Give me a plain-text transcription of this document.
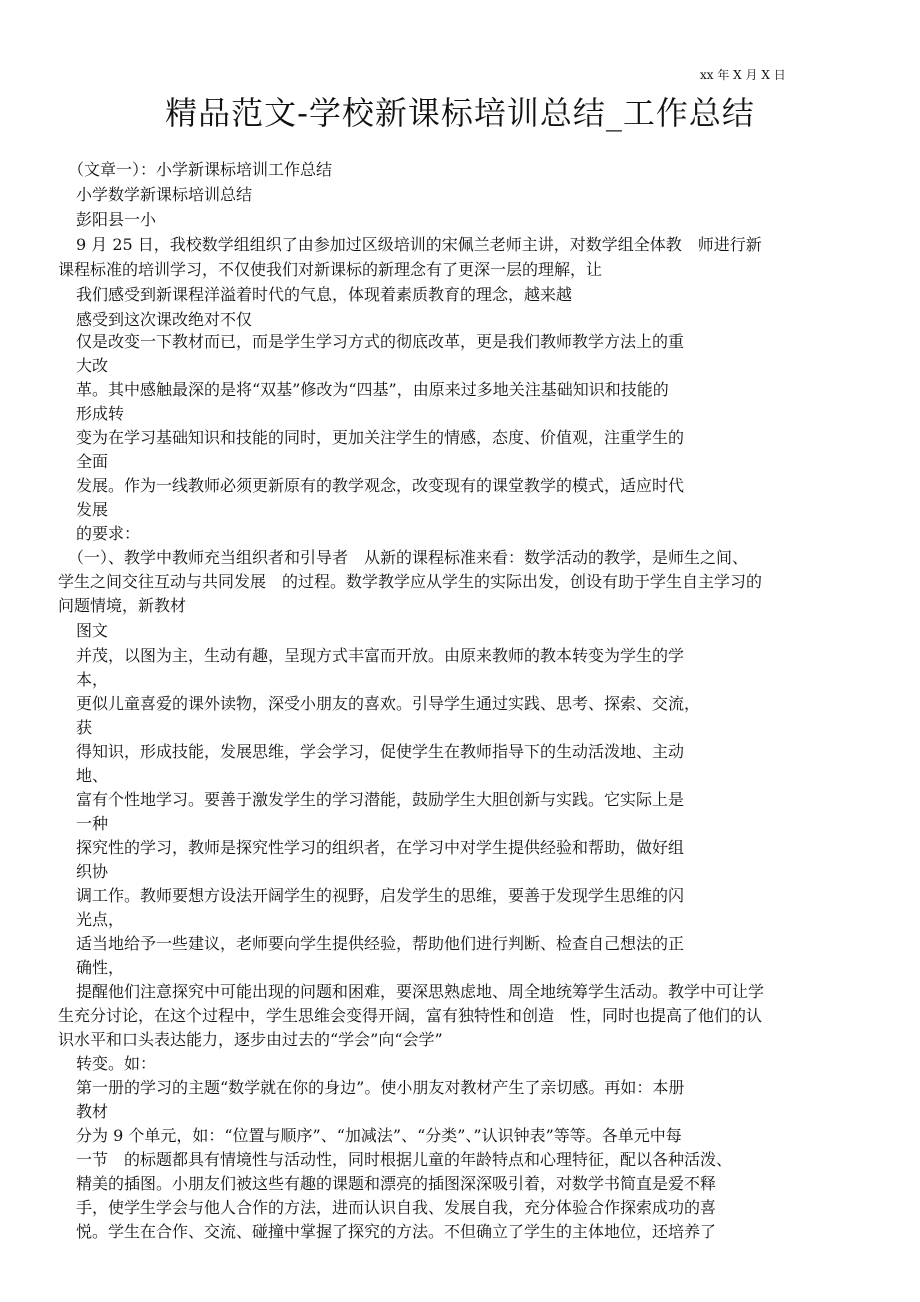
xx 年 X 月 X 日
精品范文-学校新课标培训总结_工作总结
（文章一）：小学新课标培训工作总结
小学数学新课标培训总结
彭阳县一小
9 月 25 日，我校数学组组织了由参加过区级培训的宋佩兰老师主讲，对数学组全体教　师进行新
课程标准的培训学习，不仅使我们对新课标的新理念有了更深一层的理解，让
我们感受到新课程洋溢着时代的气息，体现着素质教育的理念，越来越
感受到这次课改绝对不仅
仅是改变一下教材而已，而是学生学习方式的彻底改革，更是我们教师教学方法上的重
大改
革。其中感触最深的是将“双基”修改为“四基”，由原来过多地关注基础知识和技能的
形成转
变为在学习基础知识和技能的同时，更加关注学生的情感，态度、价值观，注重学生的
全面
发展。作为一线教师必须更新原有的教学观念，改变现有的课堂教学的模式，适应时代
发展
的要求：
（一）、教学中教师充当组织者和引导者　从新的课程标准来看：数学活动的教学，是师生之间、
学生之间交往互动与共同发展　的过程。数学教学应从学生的实际出发，创设有助于学生自主学习的
问题情境，新教材
图文
并茂，以图为主，生动有趣，呈现方式丰富而开放。由原来教师的教本转变为学生的学
本，
更似儿童喜爱的课外读物，深受小朋友的喜欢。引导学生通过实践、思考、探索、交流，
获
得知识，形成技能，发展思维，学会学习，促使学生在教师指导下的生动活泼地、主动
地、
富有个性地学习。要善于激发学生的学习潜能，鼓励学生大胆创新与实践。它实际上是
一种
探究性的学习，教师是探究性学习的组织者，在学习中对学生提供经验和帮助，做好组
织协
调工作。教师要想方设法开阔学生的视野，启发学生的思维，要善于发现学生思维的闪
光点，
适当地给予一些建议，老师要向学生提供经验，帮助他们进行判断、检查自己想法的正
确性，
提醒他们注意探究中可能出现的问题和困难，要深思熟虑地、周全地统筹学生活动。教学中可让学
生充分讨论，在这个过程中，学生思维会变得开阔，富有独特性和创造　性，同时也提高了他们的认
识水平和口头表达能力，逐步由过去的“学会”向“会学”
转变。如：
第一册的学习的主题“数学就在你的身边”。使小朋友对教材产生了亲切感。再如：本册
教材
分为 9 个单元，如：“位置与顺序”、“加减法”、“分类”、”认识钟表”等等。各单元中每
一节　的标题都具有情境性与活动性，同时根据儿童的年龄特点和心理特征，配以各种活泼、
精美的插图。小朋友们被这些有趣的课题和漂亮的插图深深吸引着，对数学书简直是爱不释
手，使学生学会与他人合作的方法，进而认识自我、发展自我，充分体验合作探索成功的喜
悦。学生在合作、交流、碰撞中掌握了探究的方法。不但确立了学生的主体地位，还培养了
